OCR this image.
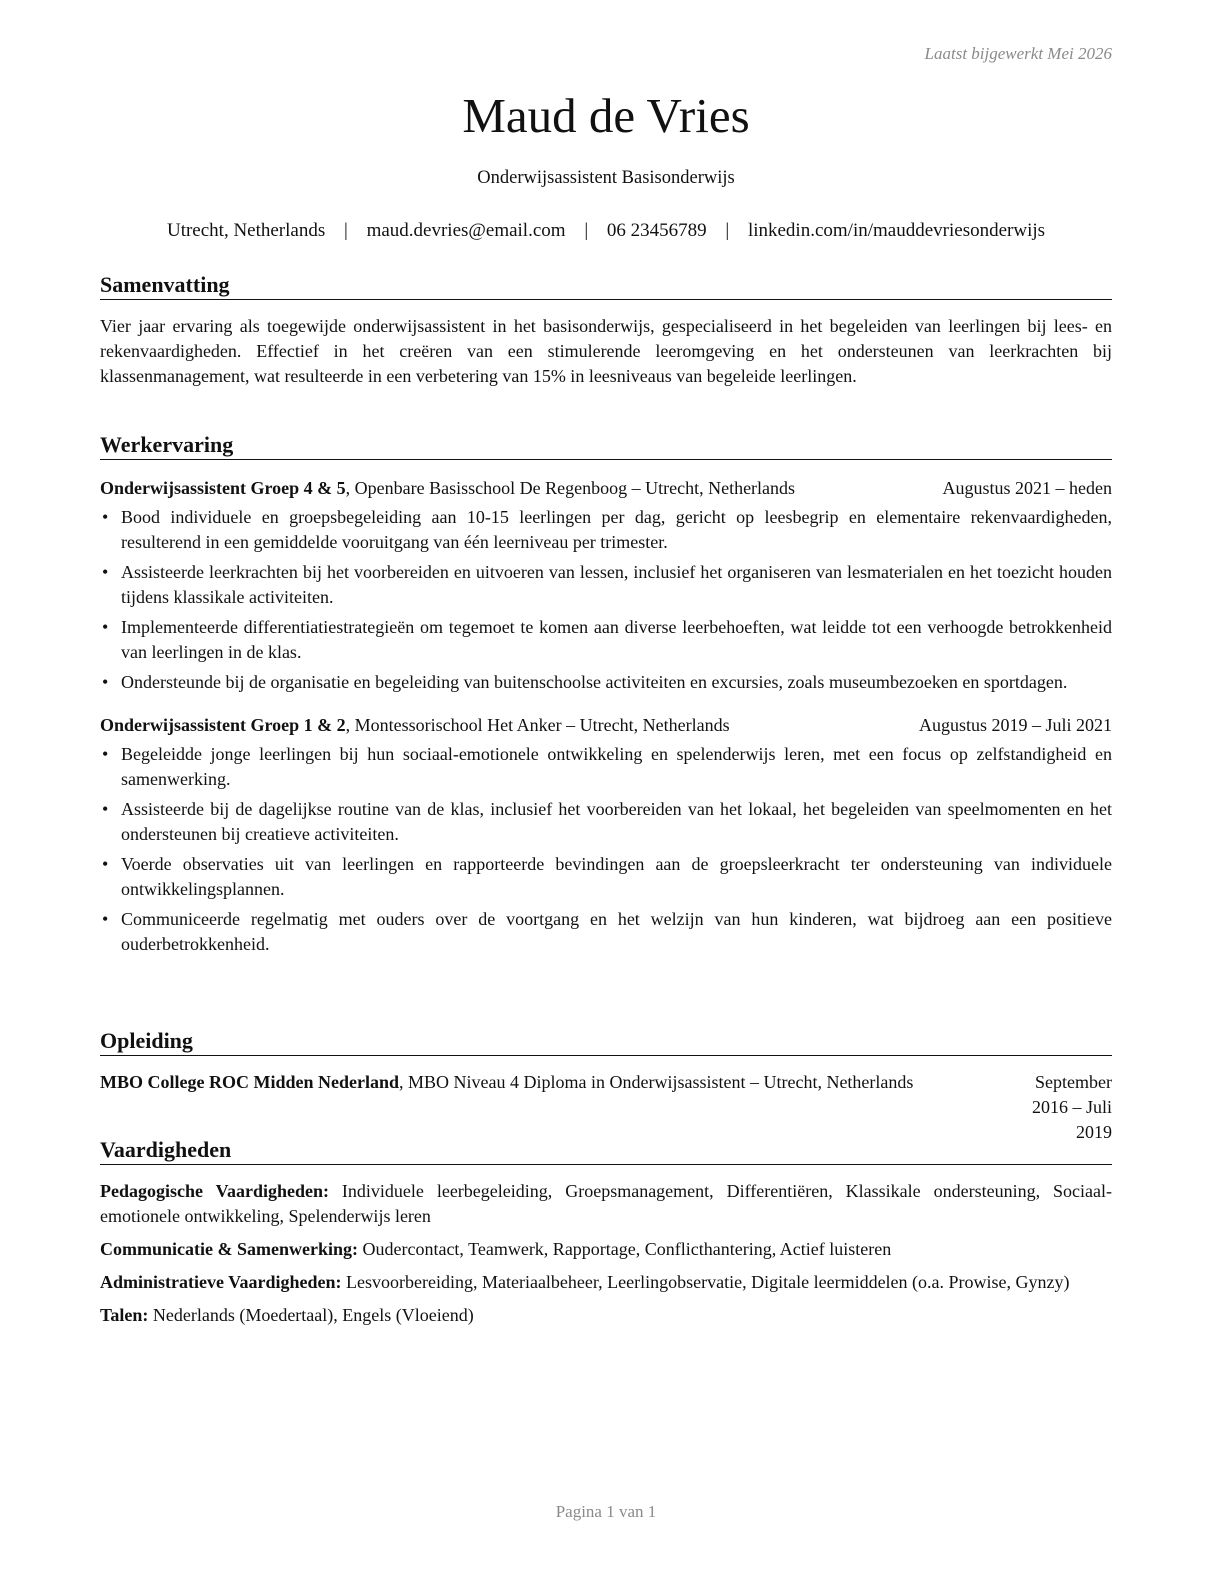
Laatst bijgewerkt Mei 2026
Maud de Vries
Onderwijsassistent Basisonderwijs
Utrecht, Netherlands | maud.devries@email.com | 06 23456789 | linkedin.com/in/mauddevriesonderwijs
Samenvatting
Vier jaar ervaring als toegewijde onderwijsassistent in het basisonderwijs, gespecialiseerd in het begeleiden van leerlingen bij lees- en rekenvaardigheden. Effectief in het creëren van een stimulerende leeromgeving en het ondersteunen van leerkrachten bij klassenmanagement, wat resulteerde in een verbetering van 15% in leesniveaus van begeleide leerlingen.
Werkervaring
Onderwijsassistent Groep 4 & 5, Openbare Basisschool De Regenboog – Utrecht, Netherlands	Augustus 2021 – heden
• Bood individuele en groepsbegeleiding aan 10-15 leerlingen per dag, gericht op leesbegrip en elementaire rekenvaardigheden, resulterend in een gemiddelde vooruitgang van één leerniveau per trimester.
• Assisteerde leerkrachten bij het voorbereiden en uitvoeren van lessen, inclusief het organiseren van lesmaterialen en het toezicht houden tijdens klassikale activiteiten.
• Implementeerde differentiatiestrategieën om tegemoet te komen aan diverse leerbehoeften, wat leidde tot een verhoogde betrokkenheid van leerlingen in de klas.
• Ondersteunde bij de organisatie en begeleiding van buitenschoolse activiteiten en excursies, zoals museumbezoeken en sportdagen.
Onderwijsassistent Groep 1 & 2, Montessorischool Het Anker – Utrecht, Netherlands	Augustus 2019 – Juli 2021
• Begeleidde jonge leerlingen bij hun sociaal-emotionele ontwikkeling en spelenderwijs leren, met een focus op zelfstandigheid en samenwerking.
• Assisteerde bij de dagelijkse routine van de klas, inclusief het voorbereiden van het lokaal, het begeleiden van speelmomenten en het ondersteunen bij creatieve activiteiten.
• Voerde observaties uit van leerlingen en rapporteerde bevindingen aan de groepsleerkracht ter ondersteuning van individuele ontwikkelingsplannen.
• Communiceerde regelmatig met ouders over de voortgang en het welzijn van hun kinderen, wat bijdroeg aan een positieve ouderbetrokkenheid.
Opleiding
MBO College ROC Midden Nederland, MBO Niveau 4 Diploma in Onderwijsassistent – Utrecht, Netherlands	September 2016 – Juli 2019
Vaardigheden
Pedagogische Vaardigheden: Individuele leerbegeleiding, Groepsmanagement, Differentiëren, Klassikale ondersteuning, Sociaal-emotionele ontwikkeling, Spelenderwijs leren
Communicatie & Samenwerking: Oudercontact, Teamwerk, Rapportage, Conflicthantering, Actief luisteren
Administratieve Vaardigheden: Lesvoorbereiding, Materiaalbeheer, Leerlingobservatie, Digitale leermiddelen (o.a. Prowise, Gynzy)
Talen: Nederlands (Moedertaal), Engels (Vloeiend)
Pagina 1 van 1
